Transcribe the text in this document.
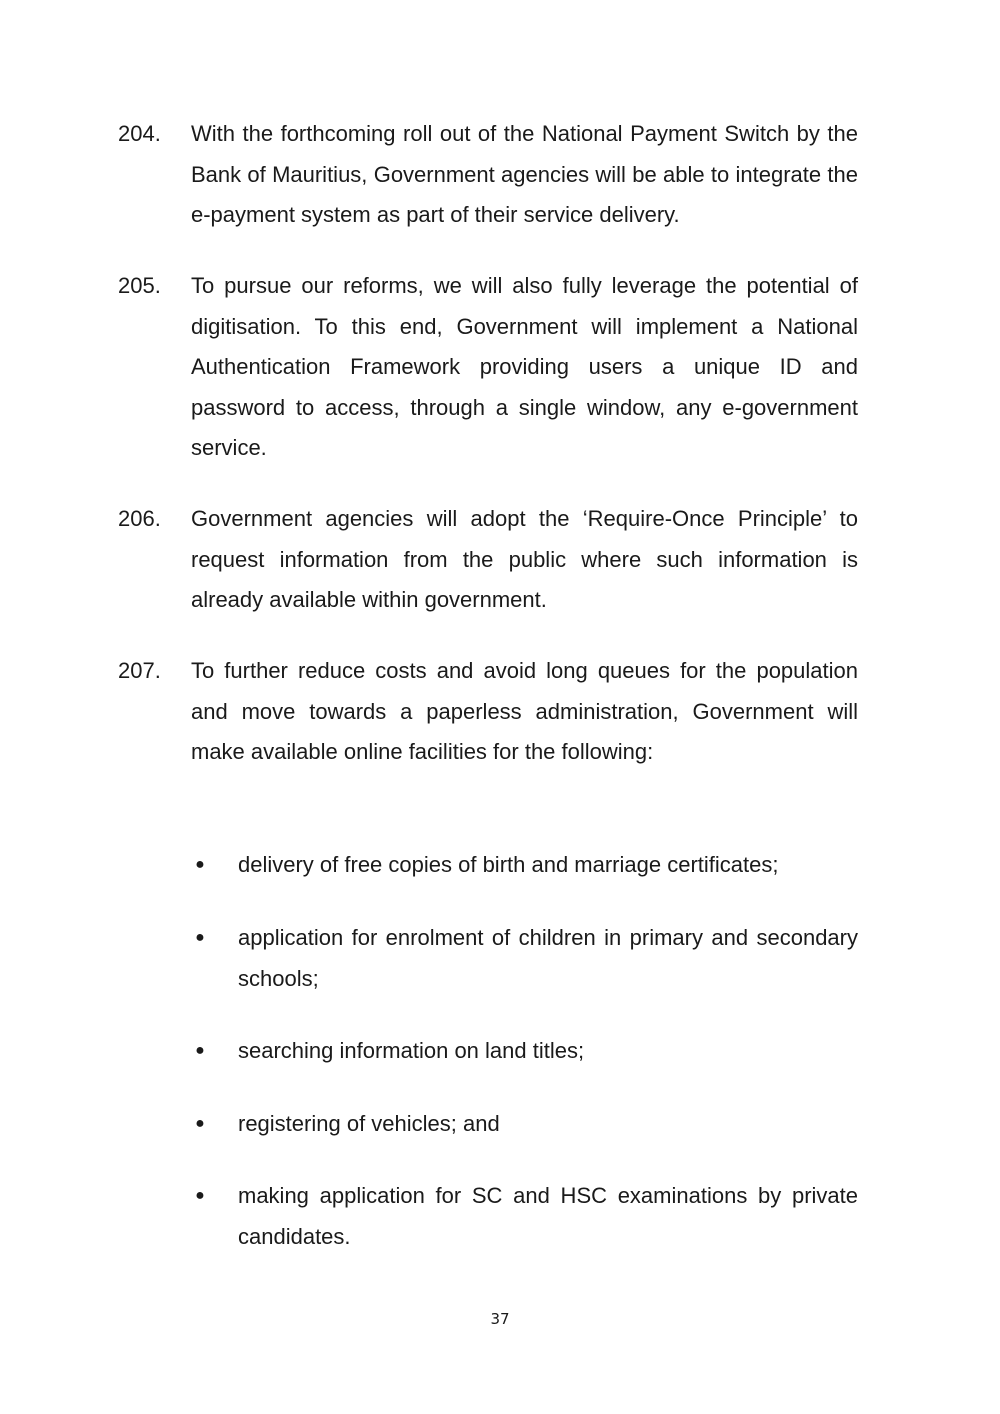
204.	With the forthcoming roll out of the National Payment Switch by the Bank of Mauritius, Government agencies will be able to integrate the e-payment system as part of their service delivery.
205.	To pursue our reforms, we will also fully leverage the potential of digitisation. To this end, Government will implement a National Authentication Framework providing users a unique ID and password to access, through a single window, any e-government service.
206.	Government agencies will adopt the ‘Require-Once Principle’ to request information from the public where such information is already available within government.
207.	To further reduce costs and avoid long queues for the population and move towards a paperless administration, Government will make available online facilities for the following:
● delivery of free copies of birth and marriage certificates;
● application for enrolment of children in primary and secondary schools;
● searching information on land titles;
● registering of vehicles; and
● making application for SC and HSC examinations by private candidates.
37
